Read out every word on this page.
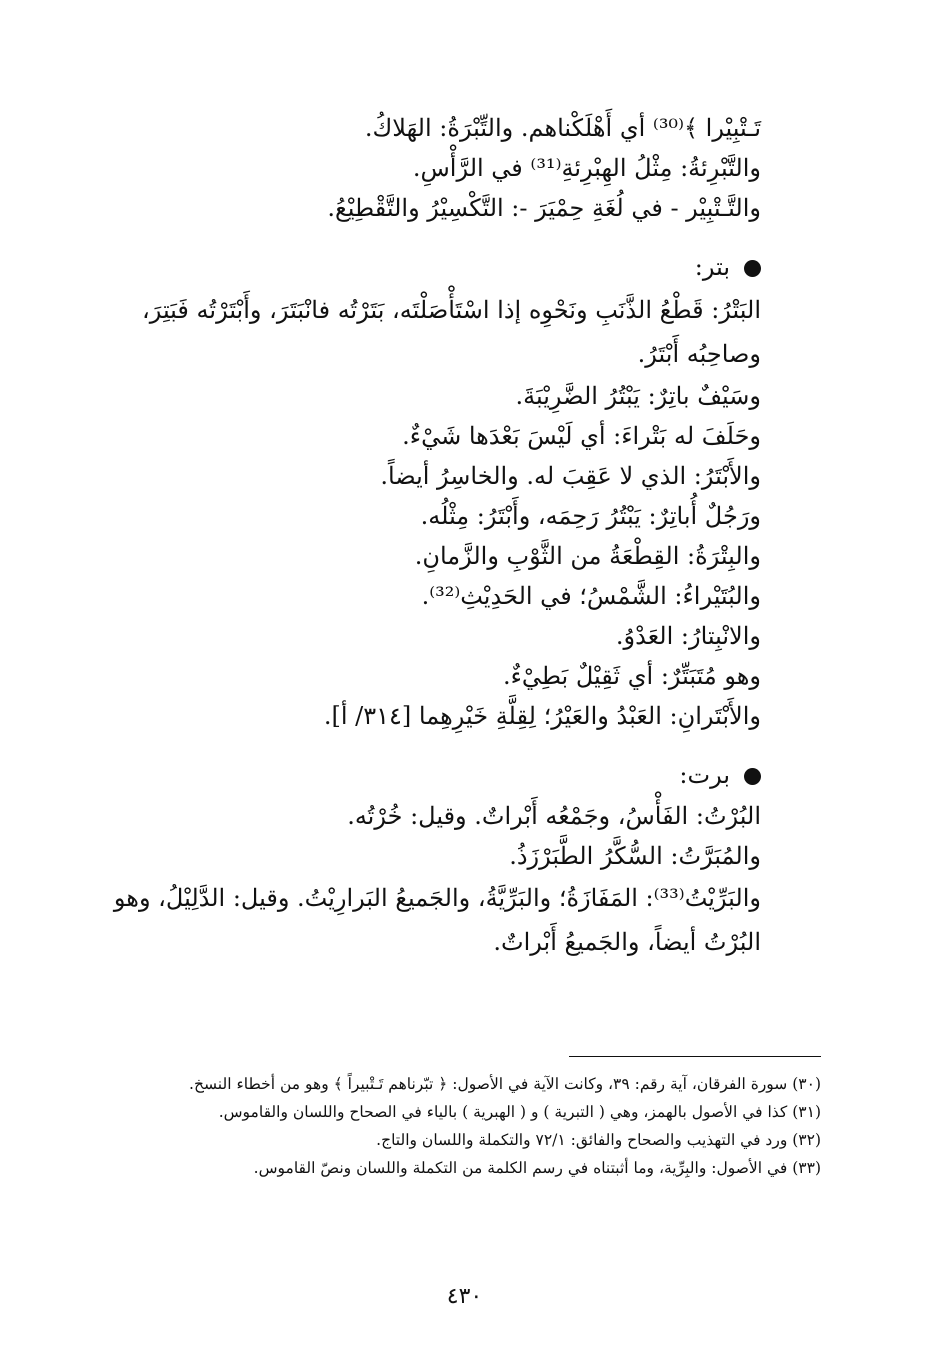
تَـتْبِيْرا ﴾⁽³⁰⁾ أي أَهْلَكْناهم. والتِّبْرَةُ: الهَلاكُ.
والتَّبْرِئةُ: مِثْلُ الهِبْرِئةِ⁽³¹⁾ في الرَّأْسِ.
والتَّـتْبِيْر - في لُغَةِ حِمْيَرَ -: التَّكْسِيْرُ والتَّقْطِيْعُ.
بتر:
البَتْرُ: قَطْعُ الذَّنَبِ ونَحْوِه إذا اسْتَأْصَلْتَه، بَتَرْتُه فانْبَتَرَ، وأَبْتَرْتُه فَبَتِرَ، وصاحِبُه أَبْتَرُ.
وسَيْفٌ باتِرٌ: يَبْتُرُ الضَّرِيْبَةَ.
وحَلَفَ له بَتْراءَ: أي لَيْسَ بَعْدَها شَيْءٌ.
والأَبْتَرُ: الذي لا عَقِبَ له. والخاسِرُ أيضاً.
ورَجُلٌ أُباتِرٌ: يَبْتُرُ رَحِمَه، وأَبْتَرُ: مِثْلُه.
والبِتْرَةُ: القِطْعَةُ من الثَّوْبِ والزَّمانِ.
والبُتَيْراءُ: الشَّمْسُ؛ في الحَدِيْثِ⁽³²⁾.
والانْبِتارُ: العَدْوُ.
وهو مُتَبَتِّرٌ: أي ثَقِيْلٌ بَطِيْءٌ.
والأَبْتَرانِ: العَبْدُ والعَيْرُ؛ لِقِلَّةِ خَيْرِهِما [٣١٤/ أ].
برت:
البُرْتُ: الفَأْسُ، وجَمْعُه أَبْراتٌ. وقيل: خُرْتُه.
والمُبَرَّتُ: السُّكَّرُ الطَّبَرْزَذُ.
والبَرِّيْتُ⁽³³⁾: المَفَازَةُ؛ والبَرِّيَّةُ، والجَميعُ البَرارِيْتُ. وقيل: الدَّلِيْلُ، وهو البُرْتُ أيضاً، والجَميعُ أَبْراتٌ.
(٣٠) سورة الفرقان، آية رقم: ٣٩، وكانت الآية في الأصول: ﴿ تبّرناهم تَـتْبيراً ﴾ وهو من أخطاء النسخ.
(٣١) كذا في الأصول بالهمز، وهي ( التبرية ) و ( الهبرية ) بالياء في الصحاح واللسان والقاموس.
(٣٢) ورد في التهذيب والصحاح والفائق: ٧٢/١ والتكملة واللسان والتاج.
(٣٣) في الأصول: والبِرِّية، وما أثبتناه في رسم الكلمة من التكملة واللسان ونصّ القاموس.
٤٣٠
